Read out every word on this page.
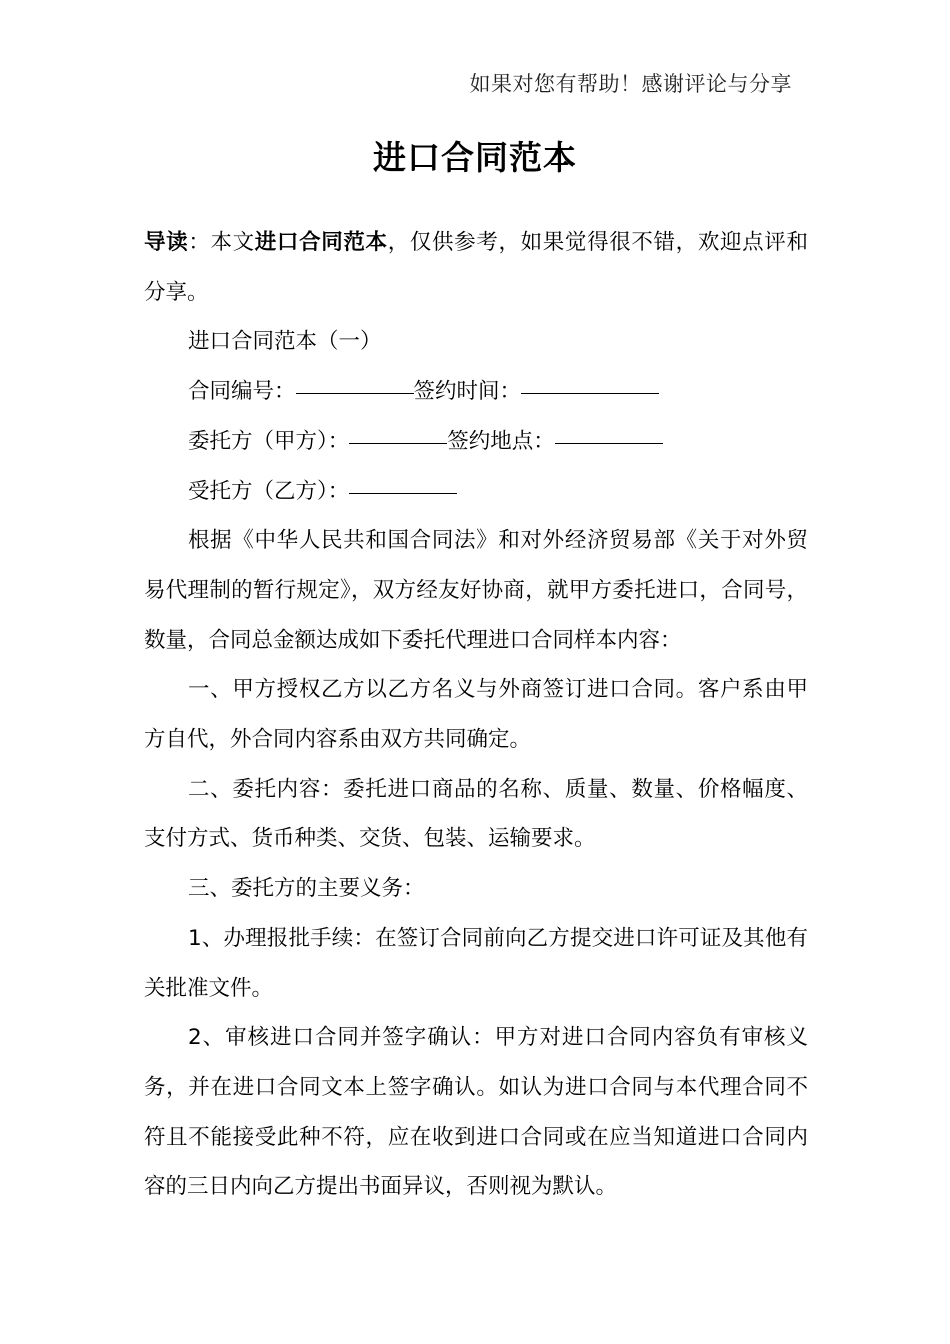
如果对您有帮助！感谢评论与分享
进口合同范本

导读：本文进口合同范本，仅供参考，如果觉得很不错，欢迎点评和分享。

进口合同范本（一）

合同编号：	签约时间：

委托方（甲方）：	签约地点：

受托方（乙方）：

根据《中华人民共和国合同法》和对外经济贸易部《关于对外贸易代理制的暂行规定》，双方经友好协商，就甲方委托进口，合同号，数量，合同总金额达成如下委托代理进口合同样本内容：

一、甲方授权乙方以乙方名义与外商签订进口合同。客户系由甲方自代，外合同内容系由双方共同确定。

二、委托内容：委托进口商品的名称、质量、数量、价格幅度、支付方式、货币种类、交货、包装、运输要求。

三、委托方的主要义务：

1、办理报批手续：在签订合同前向乙方提交进口许可证及其他有关批准文件。

2、审核进口合同并签字确认：甲方对进口合同内容负有审核义务，并在进口合同文本上签字确认。如认为进口合同与本代理合同不符且不能接受此种不符，应在收到进口合同或在应当知道进口合同内容的三日内向乙方提出书面异议，否则视为默认。
